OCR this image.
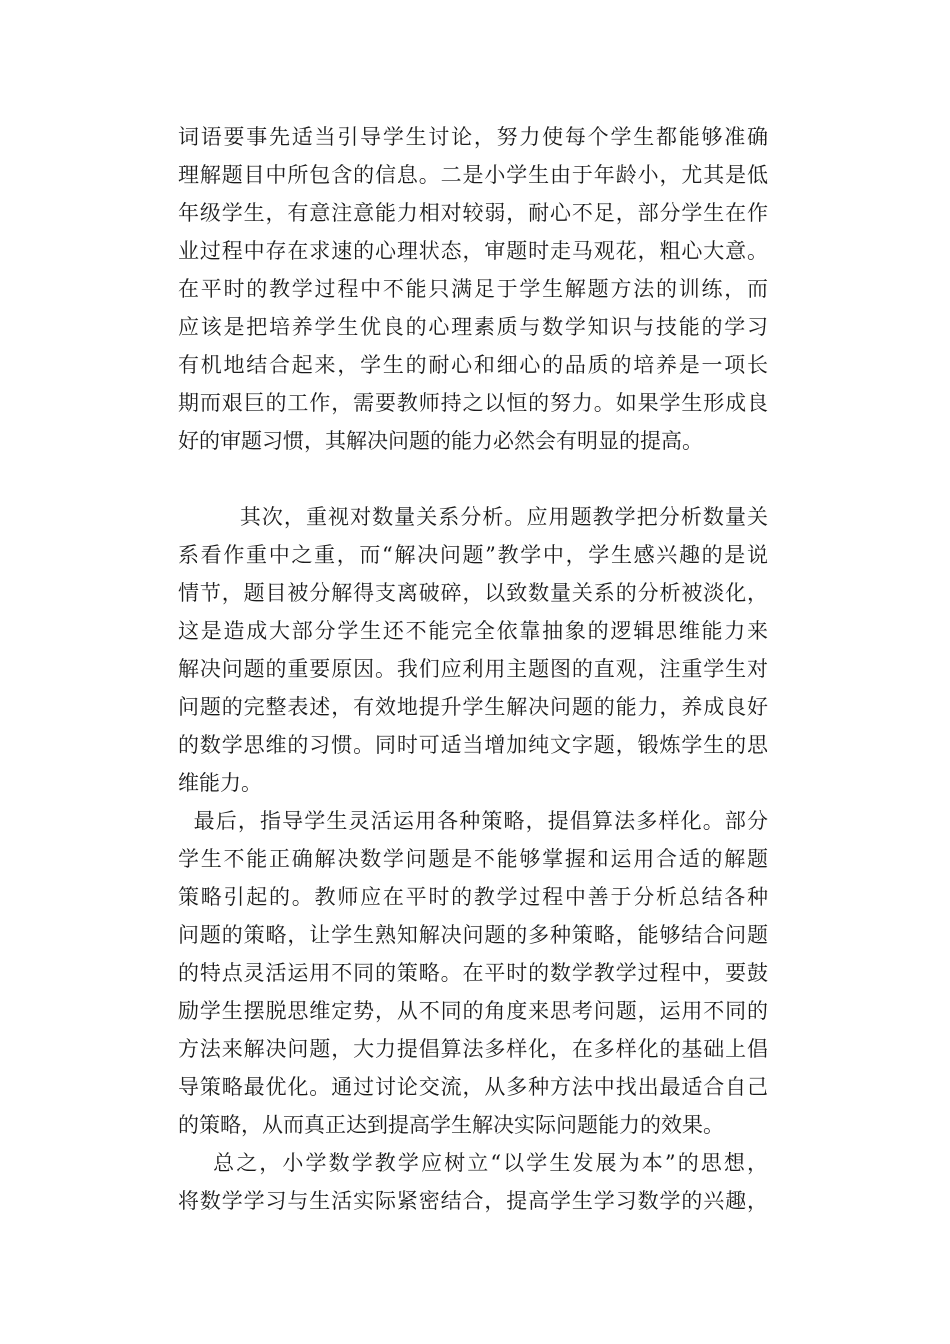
词语要事先适当引导学生讨论，努力使每个学生都能够准确
理解题目中所包含的信息。二是小学生由于年龄小，尤其是低
年级学生，有意注意能力相对较弱，耐心不足，部分学生在作
业过程中存在求速的心理状态，审题时走马观花，粗心大意。
在平时的教学过程中不能只满足于学生解题方法的训练，而
应该是把培养学生优良的心理素质与数学知识与技能的学习
有机地结合起来，学生的耐心和细心的品质的培养是一项长
期而艰巨的工作，需要教师持之以恒的努力。如果学生形成良
好的审题习惯，其解决问题的能力必然会有明显的提高。
其次，重视对数量关系分析。应用题教学把分析数量关
系看作重中之重，而“解决问题”教学中，学生感兴趣的是说
情节，题目被分解得支离破碎，以致数量关系的分析被淡化，
这是造成大部分学生还不能完全依靠抽象的逻辑思维能力来
解决问题的重要原因。我们应利用主题图的直观，注重学生对
问题的完整表述，有效地提升学生解决问题的能力，养成良好
的数学思维的习惯。同时可适当增加纯文字题，锻炼学生的思
维能力。
最后，指导学生灵活运用各种策略，提倡算法多样化。部分
学生不能正确解决数学问题是不能够掌握和运用合适的解题
策略引起的。教师应在平时的教学过程中善于分析总结各种
问题的策略，让学生熟知解决问题的多种策略，能够结合问题
的特点灵活运用不同的策略。在平时的数学教学过程中，要鼓
励学生摆脱思维定势，从不同的角度来思考问题，运用不同的
方法来解决问题，大力提倡算法多样化，在多样化的基础上倡
导策略最优化。通过讨论交流，从多种方法中找出最适合自己
的策略，从而真正达到提高学生解决实际问题能力的效果。
总之，小学数学教学应树立“以学生发展为本”的思想，
将数学学习与生活实际紧密结合，提高学生学习数学的兴趣，
